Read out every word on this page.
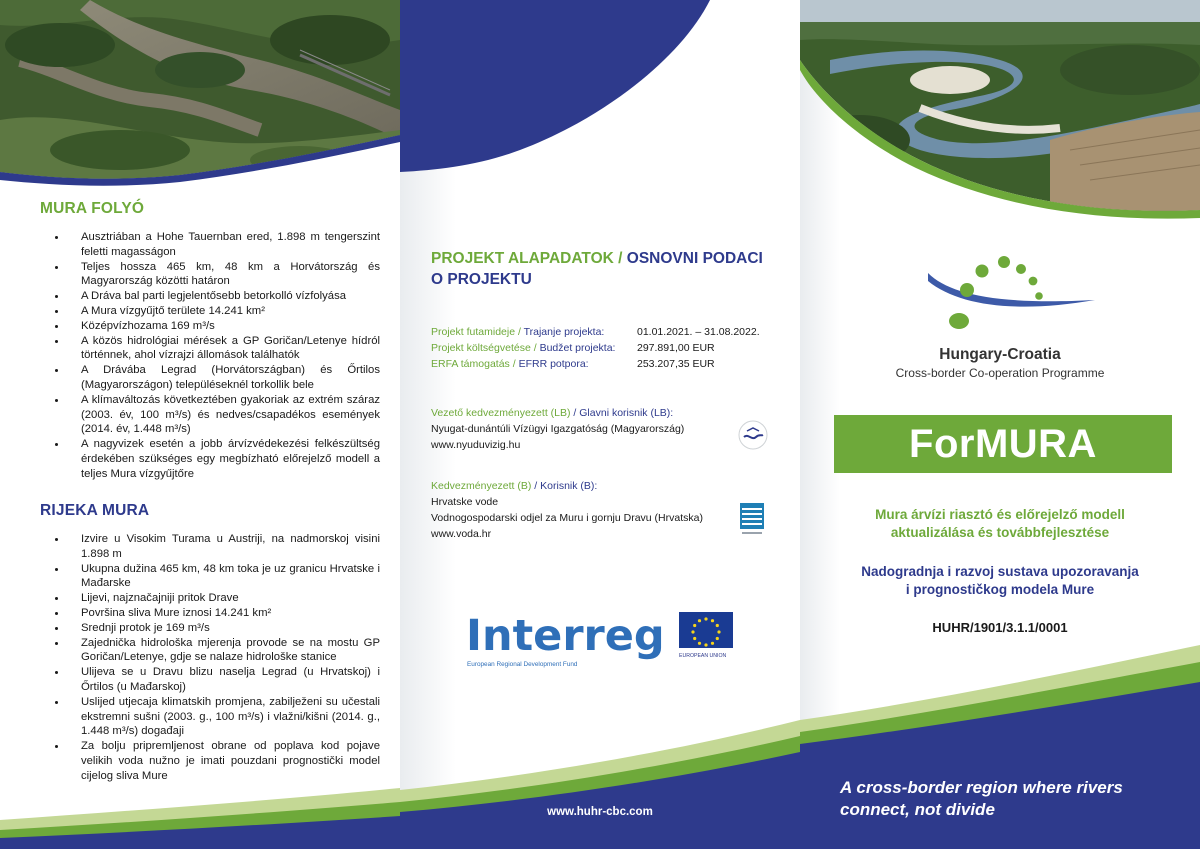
MURA FOLYÓ
Ausztriában a Hohe Tauernban ered, 1.898 m tengerszint feletti magasságon
Teljes hossza 465 km, 48 km a Horvátország és Magyarország közötti határon
A Dráva bal parti legjelentősebb betorkolló vízfolyása
A Mura vízgyűjtő területe 14.241 km²
Középvízhozama 169 m³/s
A közös hidrológiai mérések a GP Goričan/Letenye hídról történnek, ahol vízrajzi állomások találhatók
A Drávába Legrad (Horvátországban) és Őrtilos (Magyarországon) településeknél torkollik bele
A klímaváltozás következtében gyakoriak az extrém száraz (2003. év, 100 m³/s) és nedves/csapadékos események (2014. év, 1.448 m³/s)
A nagyvizek esetén a jobb árvízvédekezési felkészültség érdekében szükséges egy megbízható előrejelző modell a teljes Mura vízgyűjtőre
RIJEKA MURA
Izvire u Visokim Turama u Austriji, na nadmorskoj visini 1.898 m
Ukupna dužina 465 km, 48 km toka je uz granicu Hrvatske i Mađarske
Lijevi, najznačajniji pritok Drave
Površina sliva Mure iznosi 14.241 km²
Srednji protok je 169 m³/s
Zajednička hidrološka mjerenja provode se na mostu GP Goričan/Letenye, gdje se nalaze hidrološke stanice
Ulijeva se u Dravu blizu naselja Legrad (u Hrvatskoj) i Őrtilos (u Mađarskoj)
Uslijed utjecaja klimatskih promjena, zabilježeni su učestali ekstremni sušni (2003. g., 100 m³/s) i vlažni/kišni (2014. g., 1.448 m³/s) događaji
Za bolju pripremljenost obrane od poplava kod pojave velikih voda nužno je imati pouzdani prognostički model cijelog sliva Mure
PROJEKT ALAPADATOK / OSNOVNI PODACI O PROJEKTU
Projekt futamideje / Trajanje projekta:	01.01.2021. – 31.08.2022.
Projekt költségvetése / Budžet projekta: 297.891,00 EUR
ERFA támogatás / EFRR potpora:	253.207,35 EUR
Vezető kedvezményezett (LB) / Glavni korisnik (LB):
Nyugat-dunántúli Vízügyi Igazgatóság (Magyarország)
www.nyuduvizig.hu
Kedvezményezett (B) / Korisnik (B):
Hrvatske vode
Vodnogospodarski odjel za Muru i gornju Dravu (Hrvatska)
www.voda.hr
Interreg
European Regional Development Fund
EUROPEAN UNION
www.huhr-cbc.com
Hungary-Croatia
Cross-border Co-operation Programme
ForMURA
Mura árvízi riasztó és előrejelző modell
aktualizálása és továbbfejlesztése
Nadogradnja i razvoj sustava upozoravanja
i prognostičkog modela Mure
HUHR/1901/3.1.1/0001
A cross-border region where rivers
connect, not divide
